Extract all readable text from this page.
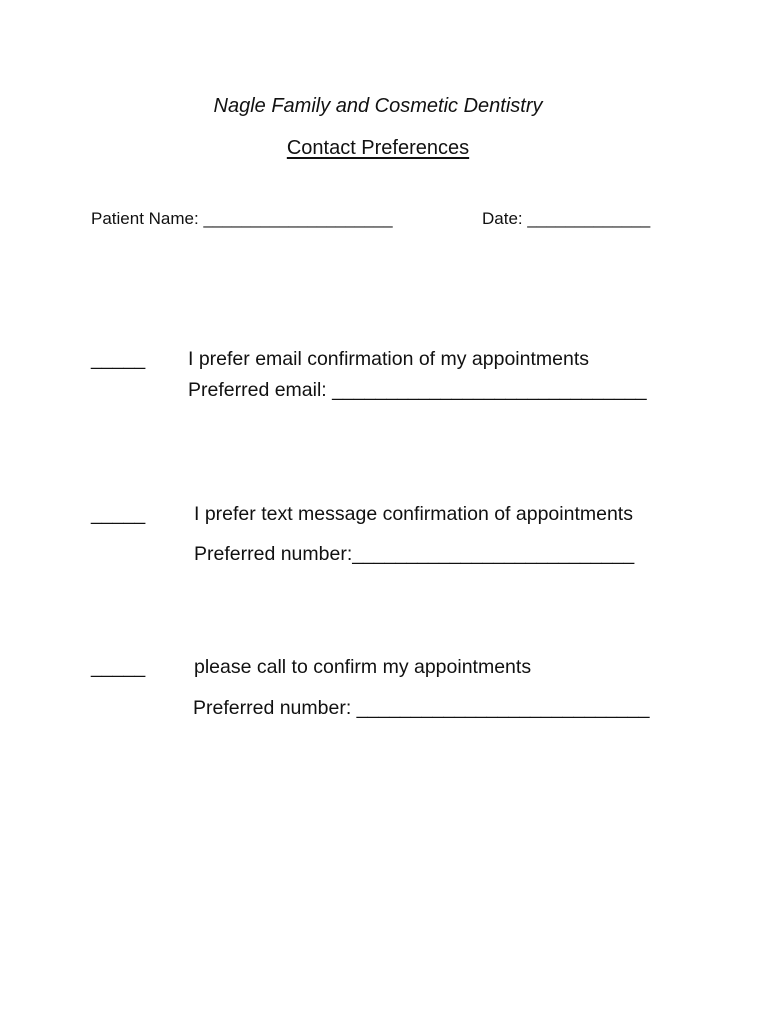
Nagle Family and Cosmetic Dentistry
Contact Preferences
Patient Name: ____________________	Date: _____________
_____ I prefer email confirmation of my appointments
Preferred email: _____________________________
_____	I prefer text message confirmation of appointments
Preferred number:__________________________
_____	please call to confirm my appointments
Preferred number: ___________________________
